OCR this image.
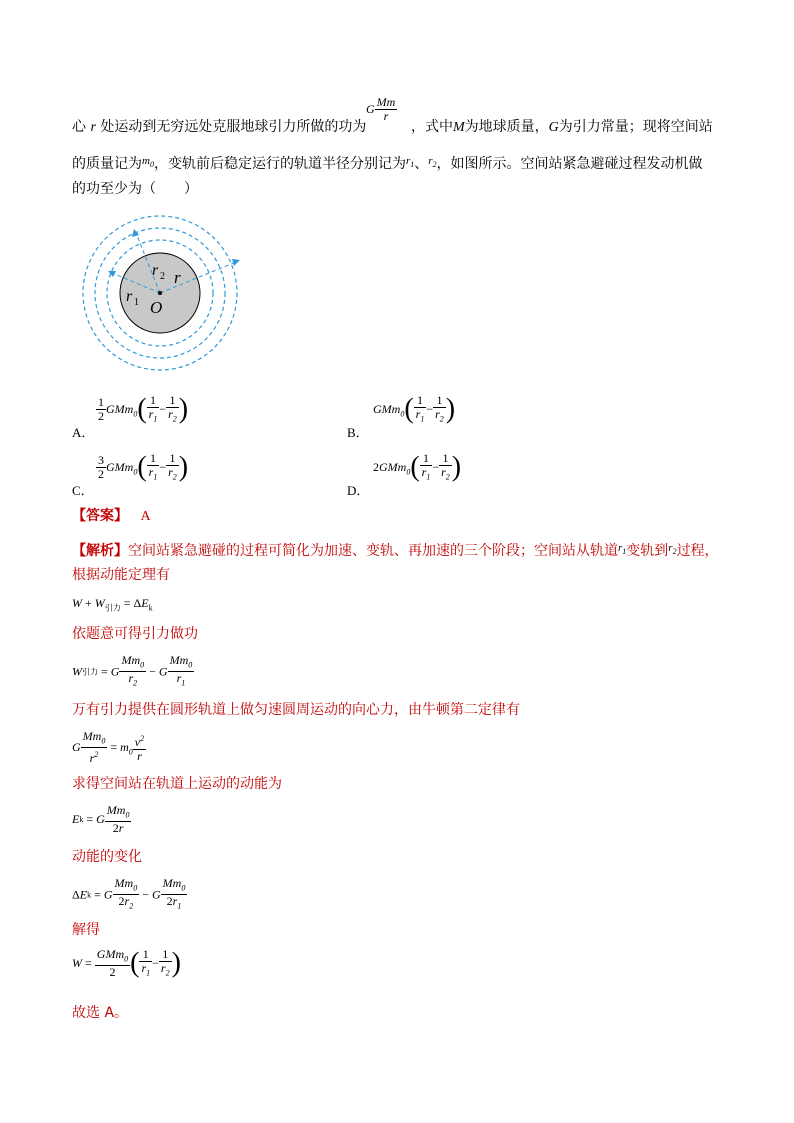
心 r 处运动到无穷远处克服地球引力所做的功为
G $\frac{Mm}{r}$
，式中M为地球质量，G为引力常量；现将空间站
的质量记为$^{m_0}$，变轨前后稳定运行的轨道半径分别记为$^{r_1}$、$^{r_2}$，如图所示。空间站紧急避碰过程发动机做
的功至少为（　　）
r 2 r
r 1 O
A．
$\frac{1}{2} GMm_0( \frac{1}{r_1} - \frac{1}{r_2}$ )
B．
$GMm_0( \frac{1}{r_1} - \frac{1}{r_2}$ )
C．
$\frac{3}{2} GMm_0( \frac{1}{r_1} - \frac{1}{r_2}$ )
D．
$2GMm_0( \frac{1}{r_1} - \frac{1}{r_2}$ )
【答案】 A
【解析】空间站紧急避碰的过程可简化为加速、变轨、再加速的三个阶段；空间站从轨道$^{r_1}$变轨到$^{r_2}$过程，
根据动能定理有
$W + W_{引力} = \Delta E_k$
依题意可得引力做功
W引力 = G $\frac{Mm_0}{r_2} - G \frac{Mm_0}{r_1}$
万有引力提供在圆形轨道上做匀速圆周运动的向心力，由牛顿第二定律有
G $\frac{Mm_0}{r^2} = m_0 \frac{v^2}{r}$
求得空间站在轨道上运动的动能为
Ek = G $\frac{Mm_0}{2r}$
动能的变化
ΔEk = G $\frac{Mm_0}{2r_2} - G \frac{Mm_0}{2r_1}$
解得
$W = \frac{GMm_0}{2}$ ( $\frac{1}{r_1} - \frac{1}{r_2}$ )
故选 A。
